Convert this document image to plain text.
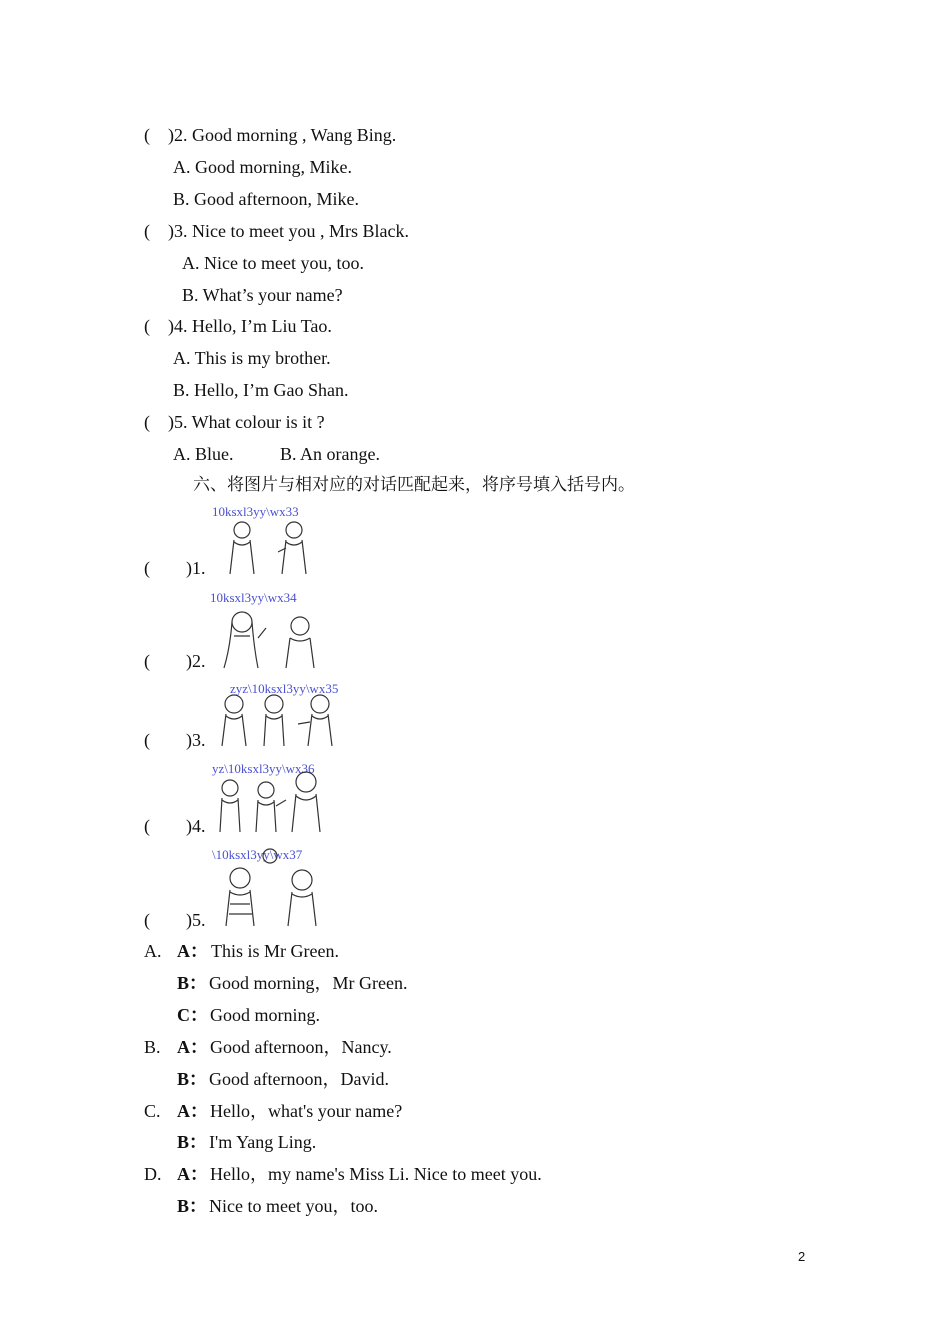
(    )2. Good morning , Wang Bing.
A. Good morning, Mike.
B. Good afternoon, Mike.
(    )3. Nice to meet you , Mrs Black.
A. Nice to meet you, too.
B. What’s your name?
(    )4. Hello, I’m Liu Tao.
A. This is my brother.
B. Hello, I’m Gao Shan.
(    )5. What colour is it ?
A. Blue.	B. An orange.
六、将图片与相对应的对话匹配起来，将序号填入括号内。
(        )1.
10ksxl3yy\wx33
(        )2.
10ksxl3yy\wx34
(        )3.
zyz\10ksxl3yy\wx35
(        )4.
yz\10ksxl3yy\wx36
(        )5.
\10ksxl3yy\wx37
A. A： This is Mr Green.
B： Good morning，Mr Green.
C： Good morning.
B. A： Good afternoon，Nancy.
B： Good afternoon，David.
C. A： Hello，what's your name?
B： I'm Yang Ling.
D. A： Hello，my name's Miss Li. Nice to meet you.
B： Nice to meet you，too.
2
